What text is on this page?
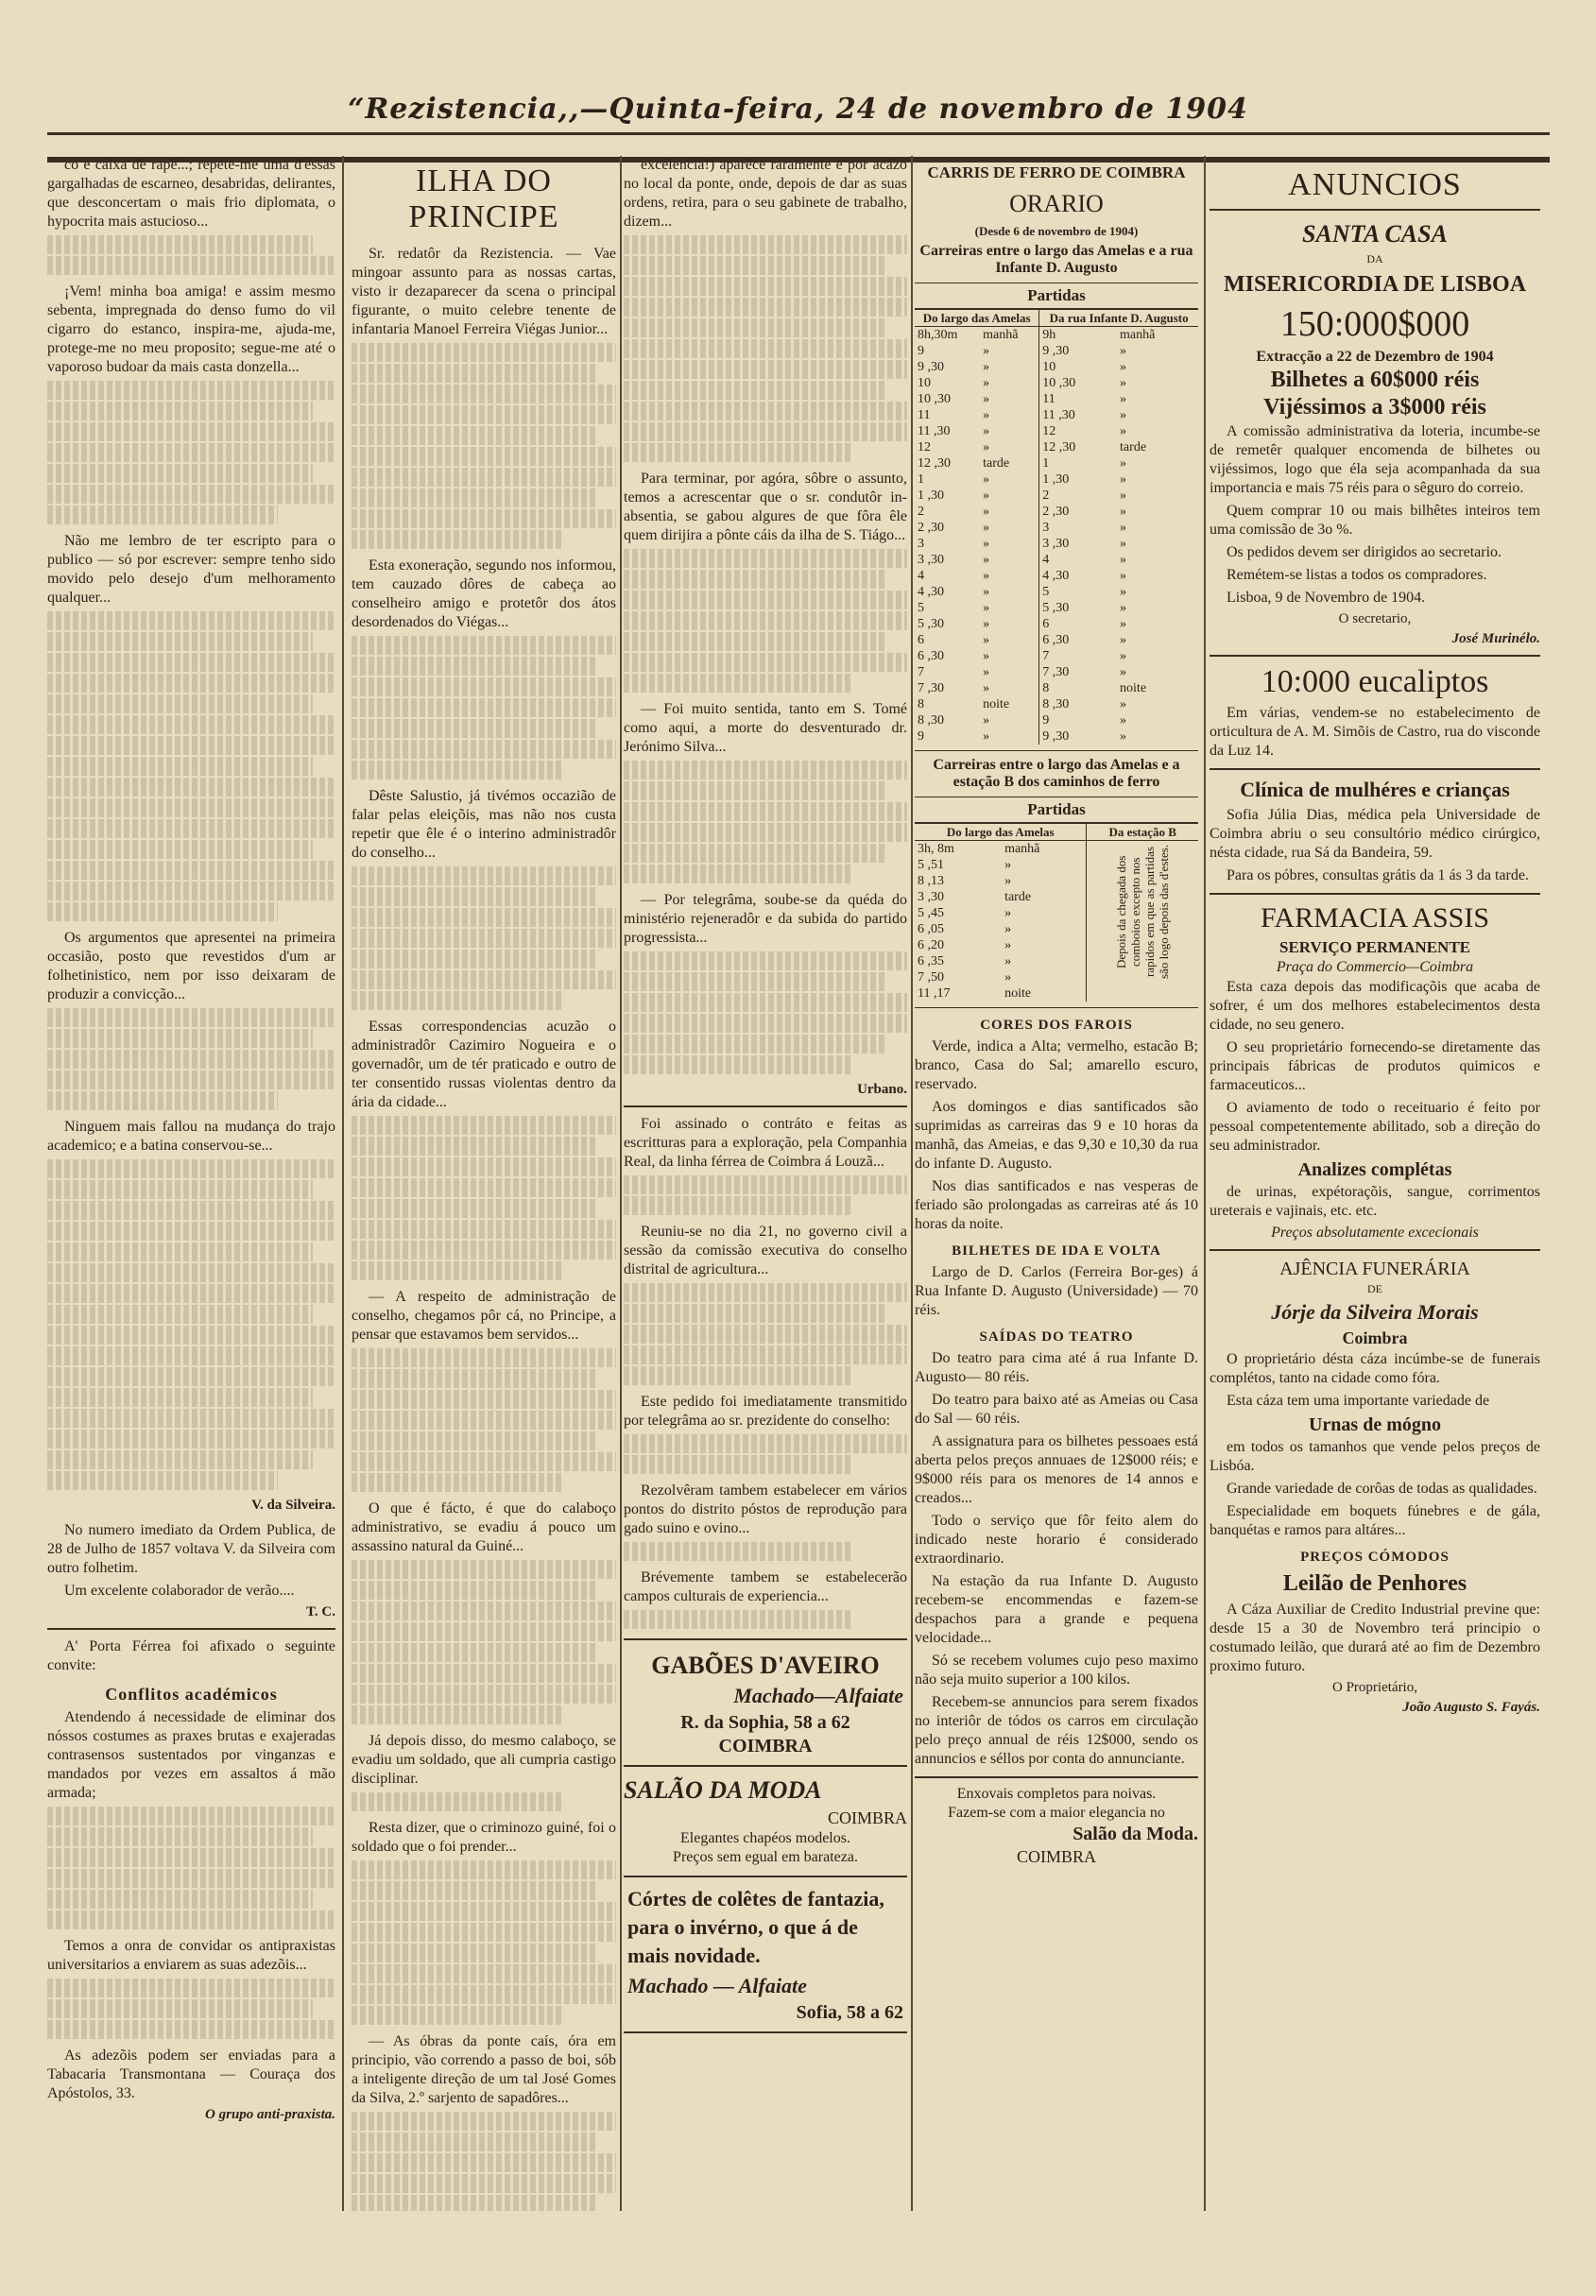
“Rezistencia,,—Quinta-feira, 24 de novembro de 1904

co e caixa de rapé...; repete-me uma d'essas gargalhadas de escarneo, desabridas, delirantes, que desconcertam o mais frio diplomata, o hypocrita mais astucioso...

¡Vem! minha boa amiga! e assim mesmo sebenta, impregnada do denso fumo do vil cigarro do estanco, inspira-me, ajuda-me, protege-me no meu proposito; segue-me até o vaporoso budoar da mais casta donzella...

Não me lembro de ter escripto para o publico — só por escrever: sempre tenho sido movido pelo desejo d'um melhoramento qualquer...

Os argumentos que apresentei na primeira occasião, posto que revestidos d'um ar folhetinistico, nem por isso deixaram de produzir a convicção...

Ninguem mais fallou na mudança do trajo academico; e a batina conservou-se...

V. da Silveira.

No numero imediato da Ordem Publica, de 28 de Julho de 1857 voltava V. da Silveira com outro folhetim.

Um excelente colaborador de verão....

T. C.

A' Porta Férrea foi afixado o seguinte convite:

Conflitos académicos

Atendendo á necessidade de eliminar dos nóssos costumes as praxes brutas e exajeradas contrasensos sustentados por vinganzas e mandados por vezes em assaltos á mão armada;

Temos a onra de convidar os antipraxistas universitarios a enviarem as suas adezõis...

As adezõis podem ser enviadas para a Tabacaria Transmontana — Couraça dos Apóstolos, 33.

O grupo anti-praxista.
ILHA DO PRINCIPE

Sr. redatôr da Rezistencia. — Vae mingoar assunto para as nossas cartas, visto ir dezaparecer da scena o principal figurante, o muito celebre tenente de infantaria Manoel Ferreira Viégas Junior...

Esta exoneração, segundo nos informou, tem cauzado dôres de cabeça ao conselheiro amigo e protetôr dos átos desordenados do Viégas...

Dêste Salustio, já tivémos occazião de falar pelas eleiçõis, mas não nos custa repetir que êle é o interino administradôr do conselho...

Essas correspondencias acuzão o administradôr Cazimiro Nogueira e o governadôr, um de tér praticado e outro de ter consentido russas violentas dentro da ária da cidade...

— A respeito de administração de conselho, chegamos pôr cá, no Principe, a pensar que estavamos bem servidos...

O que é fácto, é que do calaboço administrativo, se evadiu á pouco um assassino natural da Guiné...

Já depois disso, do mesmo calaboço, se evadiu um soldado, que ali cumpria castigo disciplinar.

Resta dizer, que o criminozo guiné, foi o soldado que o foi prender...

— As óbras da ponte caís, óra em principio, vão correndo a passo de boi, sób a inteligente direção de um tal José Gomes da Silva, 2.º sarjento de sapadôres...

excelencia!) aparéce raramente e por acázo no local da ponte, onde, depois de dar as suas ordens, retira, para o seu gabinete de trabalho, dizem...

Para terminar, por agóra, sôbre o assunto, temos a acrescentar que o sr. condutôr in-absentia, se gabou algures de que fôra êle quem dirijira a pônte cáis da ilha de S. Tiágo...

— Foi muito sentida, tanto em S. Tomé como aqui, a morte do desventurado dr. Jerónimo Silva...

— Por telegrâma, soube-se da quéda do ministério rejeneradôr e da subida do partido progressista...

Urbano.

Foi assinado o contráto e feitas as escritturas para a exploração, pela Companhia Real, da linha férrea de Coimbra á Louzã...

Reuniu-se no dia 21, no governo civil a sessão da comissão executiva do conselho distrital de agricultura...

Este pedido foi imediatamente transmitido por telegrâma ao sr. prezidente do conselho:

Rezolvêram tambem estabelecer em vários pontos do distrito póstos de reprodução para gado suino e ovino...

Brévemente tambem se estabelecerão campos culturais de experiencia...

GABÕES D'AVEIRO
Machado—Alfaiate
R. da Sophia, 58 a 62
COIMBRA
SALÃO DA MODA
COIMBRA
Elegantes chapéos modelos.
Preços sem egual em barateza.
Córtes de colêtes de fantazia, para o invérno, o que á de mais novidade.
Machado — Alfaiate
Sofia, 58 a 62
CARRIS DE FERRO DE COIMBRA
ORARIO
(Desde 6 de novembro de 1904)
Carreiras entre o largo das Amelas e a rua Infante D. Augusto
Partidas
Do largo das Amelas		Da rua Infante D. Augusto	
8h,30m	manhã	9h	manhã
9	»	9 ,30	»
9 ,30	»	10	»
10	»	10 ,30	»
10 ,30	»	11	»
11	»	11 ,30	»
11 ,30	»	12	»
12	»	12 ,30	tarde
12 ,30	tarde	1	»
1	»	1 ,30	»
1 ,30	»	2	»
2	»	2 ,30	»
2 ,30	»	3	»
3	»	3 ,30	»
3 ,30	»	4	»
4	»	4 ,30	»
4 ,30	»	5	»
5	»	5 ,30	»
5 ,30	»	6	»
6	»	6 ,30	»
6 ,30	»	7	»
7	»	7 ,30	»
7 ,30	»	8	noite
8	noite	8 ,30	»
8 ,30	»	9	»
9	»	9 ,30	»
Carreiras entre o largo das Amelas e a estação B dos caminhos de ferro
Partidas
Do largo das Amelas		Da estação B
3h, 8m	manhã	Depois da chegada dos comboios excepto nos rapidos em que as partidas são logo depois das d'estes.

5 ,51	»	
8 ,13	»	
3 ,30	tarde	
5 ,45	»	
6 ,05	»	
6 ,20	»	
6 ,35	»	
7 ,50	»	
11 ,17	noite	
CORES DOS FAROIS

Verde, indica a Alta; vermelho, estacão B; branco, Casa do Sal; amarello escuro, reservado.

Aos domingos e dias santificados são suprimidas as carreiras das 9 e 10 horas da manhã, das Ameias, e das 9,30 e 10,30 da rua do infante D. Augusto.

Nos dias santificados e nas vesperas de feriado são prolongadas as carreiras até ás 10 horas da noite.

BILHETES DE IDA E VOLTA

Largo de D. Carlos (Ferreira Bor-ges) á Rua Infante D. Augusto (Universidade) — 70 réis.

SAÍDAS DO TEATRO

Do teatro para cima até á rua Infante D. Augusto— 80 réis.

Do teatro para baixo até as Ameias ou Casa do Sal — 60 réis.

A assignatura para os bilhetes pessoaes está aberta pelos preços annuaes de 12$000 réis; e 9$000 réis para os menores de 14 annos e creados...

Todo o serviço que fôr feito alem do indicado neste horario é considerado extraordinario.

Na estação da rua Infante D. Augusto recebem-se encommendas e fazem-se despachos para a grande e pequena velocidade...

Só se recebem volumes cujo peso maximo não seja muito superior a 100 kilos.

Recebem-se annuncios para serem fixados no interiôr de tódos os carros em circulação pelo preço annual de réis 12$000, sendo os annuncios e séllos por conta do annunciante.

Enxovais completos para noivas.
Fazem-se com a maior elegancia no
Salão da Moda.
COIMBRA
ANUNCIOS
SANTA CASA
DA
MISERICORDIA DE LISBOA
150:000$000
Extracção a 22 de Dezembro de 1904
Bilhetes a 60$000 réis
Vijéssimos a 3$000 réis

A comissão administrativa da loteria, incumbe-se de remetêr qualquer encomenda de bilhetes ou vijéssimos, logo que éla seja acompanhada da sua importancia e mais 75 réis para o sêguro do correio.

Quem comprar 10 ou mais bilhêtes inteiros tem uma comissão de 3o %.

Os pedidos devem ser dirigidos ao secretario.

Remétem-se listas a todos os compradores.

Lisboa, 9 de Novembro de 1904.

O secretario,
José Murinélo.
10:000 eucaliptos

Em várias, vendem-se no estabelecimento de orticultura de A. M. Simõis de Castro, rua do visconde da Luz 14.

Clínica de mulhéres e crianças

Sofia Júlia Dias, médica pela Universidade de Coimbra abriu o seu consultório médico cirúrgico, nésta cidade, rua Sá da Bandeira, 59.

Para os póbres, consultas grátis da 1 ás 3 da tarde.

FARMACIA ASSIS
SERVIÇO PERMANENTE
Praça do Commercio—Coimbra

Esta caza depois das modificaçõis que acaba de sofrer, é um dos melhores estabelecimentos desta cidade, no seu genero.

O seu proprietário fornecendo-se diretamente das principais fábricas de produtos quimicos e farmaceuticos...

O aviamento de todo o receituario é feito por pessoal competentemente abilitado, sob a direção do seu administrador.

Analizes complétas

de urinas, expétoraçõis, sangue, corrimentos ureterais e vajinais, etc. etc.

Preços absolutamente excecionais
AJÊNCIA FUNERÁRIA
DE
Jórje da Silveira Morais
Coimbra

O proprietário désta cáza incúmbe-se de funerais complétos, tanto na cidade como fóra.

Esta cáza tem uma importante variedade de

Urnas de mógno

em todos os tamanhos que vende pelos preços de Lisbóa.

Grande variedade de corôas de todas as qualidades.

Especialidade em boquets fúnebres e de gála, banquétas e ramos para altáres...

PREÇOS CÓMODOS
Leilão de Penhores

A Cáza Auxiliar de Credito Industrial previne que: desde 15 a 30 de Novembro terá principio o costumado leilão, que durará até ao fim de Dezembro proximo futuro.

O Proprietário,
João Augusto S. Fayás.
